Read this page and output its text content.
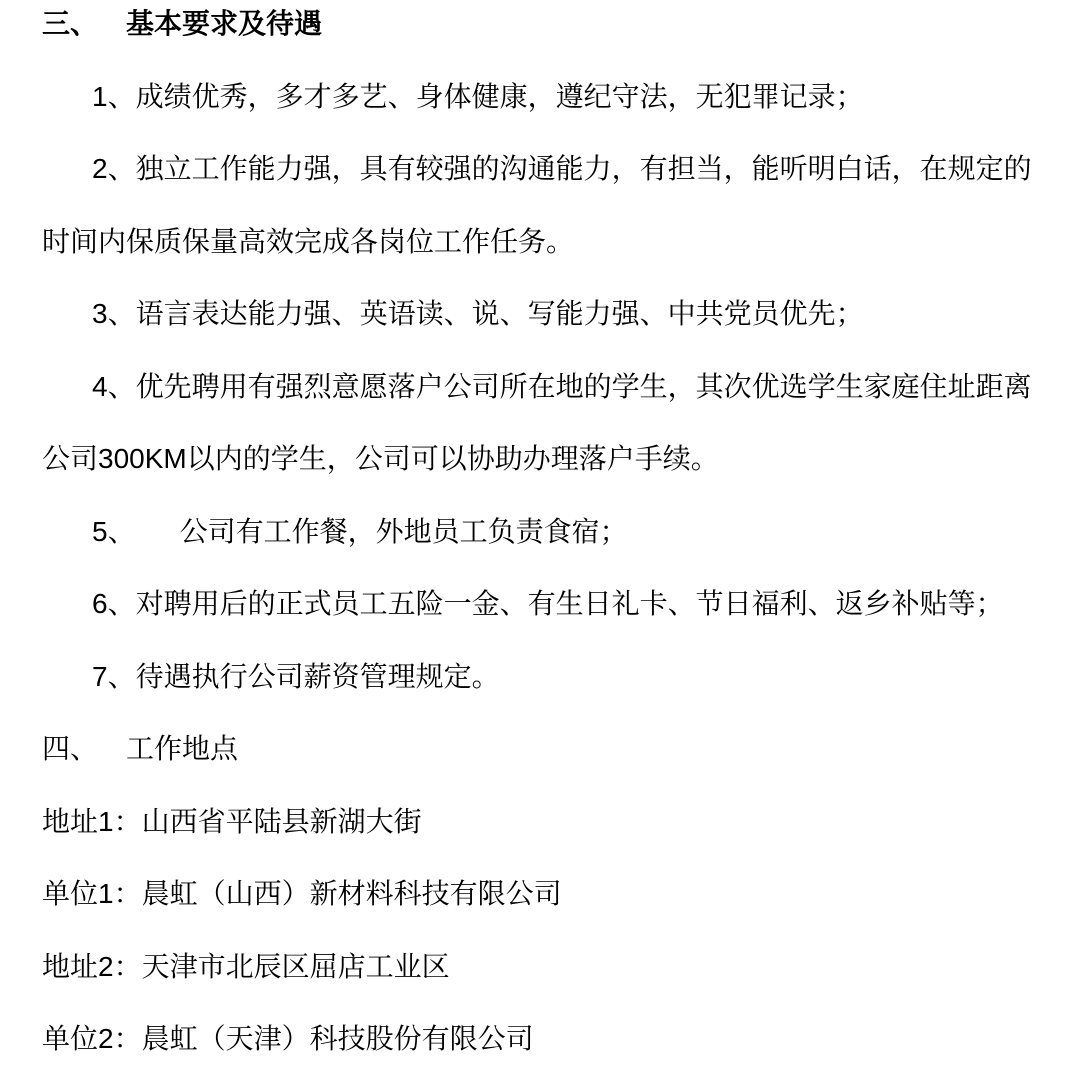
三、 基本要求及待遇
1、成绩优秀，多才多艺、身体健康，遵纪守法，无犯罪记录；
2、独立工作能力强，具有较强的沟通能力，有担当，能听明白话，在规定的
时间内保质保量高效完成各岗位工作任务。
3、语言表达能力强、英语读、说、写能力强、中共党员优先；
4、优先聘用有强烈意愿落户公司所在地的学生，其次优选学生家庭住址距离
公司300KM以内的学生，公司可以协助办理落户手续。
5、 公司有工作餐，外地员工负责食宿；
6、对聘用后的正式员工五险一金、有生日礼卡、节日福利、返乡补贴等；
7、待遇执行公司薪资管理规定。
四、 工作地点
地址1：山西省平陆县新湖大街
单位1：晨虹（山西）新材料科技有限公司
地址2：天津市北辰区屈店工业区
单位2：晨虹（天津）科技股份有限公司
